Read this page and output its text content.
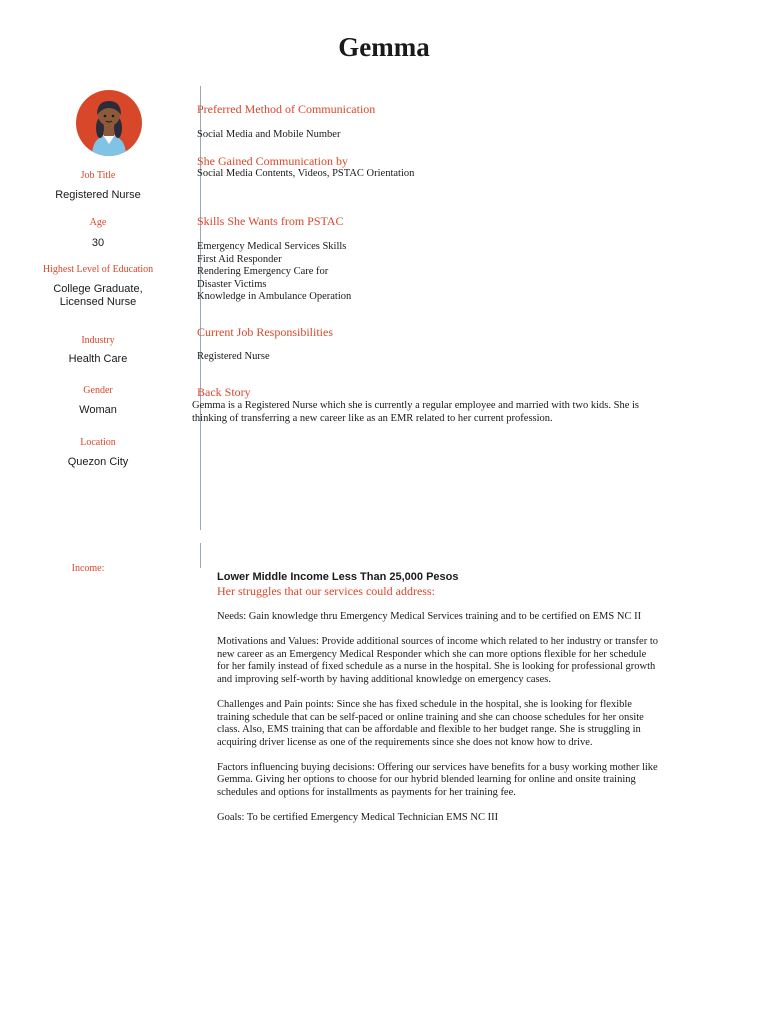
Gemma
Job Title
Registered Nurse
Age
30
Highest Level of Education
College Graduate, Licensed Nurse
Industry
Health Care
Gender
Woman
Location
Quezon City
Preferred Method of Communication
Social Media and Mobile Number
She Gained Communication by
Social Media Contents, Videos, PSTAC Orientation
Skills She Wants from PSTAC
Emergency Medical Services Skills
First Aid Responder
Rendering Emergency Care for
Disaster Victims
Knowledge in Ambulance Operation
Current Job Responsibilities
Registered Nurse
Back Story
Gemma is a Registered Nurse which she is currently a regular employee and married with two kids. She is thinking of transferring a new career like as an EMR related to her current profession.
Income:
Lower Middle Income Less Than 25,000 Pesos
Her struggles that our services could address:

Needs: Gain knowledge thru Emergency Medical Services training and to be certified on EMS NC II

Motivations and Values: Provide additional sources of income which related to her industry or transfer to new career as an Emergency Medical Responder which she can more options flexible for her schedule for her family instead of fixed schedule as a nurse in the hospital. She is looking for professional growth and improving self-worth by having additional knowledge on emergency cases.

Challenges and Pain points: Since she has fixed schedule in the hospital, she is looking for flexible training schedule that can be self-paced or online training and she can choose schedules for her onsite class. Also, EMS training that can be affordable and flexible to her budget range. She is struggling in acquiring driver license as one of the requirements since she does not know how to drive.

Factors influencing buying decisions: Offering our services have benefits for a busy working mother like Gemma. Giving her options to choose for our hybrid blended learning for online and onsite training schedules and options for installments as payments for her training fee.

Goals: To be certified Emergency Medical Technician EMS NC III
